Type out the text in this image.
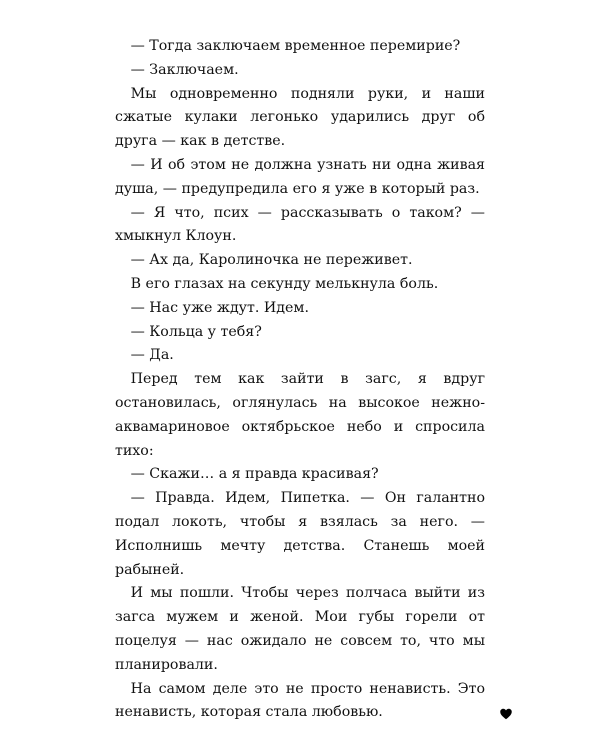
— Тогда заключаем временное перемирие?

— Заключаем.

Мы одновременно подняли руки, и наши сжатые кулаки легонько ударились друг об друга — как в детстве.

— И об этом не должна узнать ни одна живая душа, — предупредила его я уже в который раз.

— Я что, псих — рассказывать о таком? — хмыкнул Клоун.

— Ах да, Каролиночка не переживет.

В его глазах на секунду мелькнула боль.

— Нас уже ждут. Идем.

— Кольца у тебя?

— Да.

Перед тем как зайти в загс, я вдруг остановилась, оглянулась на высокое нежно-аквамариновое октябрьское небо и спросила тихо:

— Скажи… а я правда красивая?

— Правда. Идем, Пипетка. — Он галантно подал локоть, чтобы я взялась за него. — Исполнишь мечту детства. Станешь моей рабыней.

И мы пошли. Чтобы через полчаса выйти из загса мужем и женой. Мои губы горели от поцелуя — нас ожидало не совсем то, что мы планировали.

На самом деле это не просто ненависть. Это ненависть, которая стала любовью.
